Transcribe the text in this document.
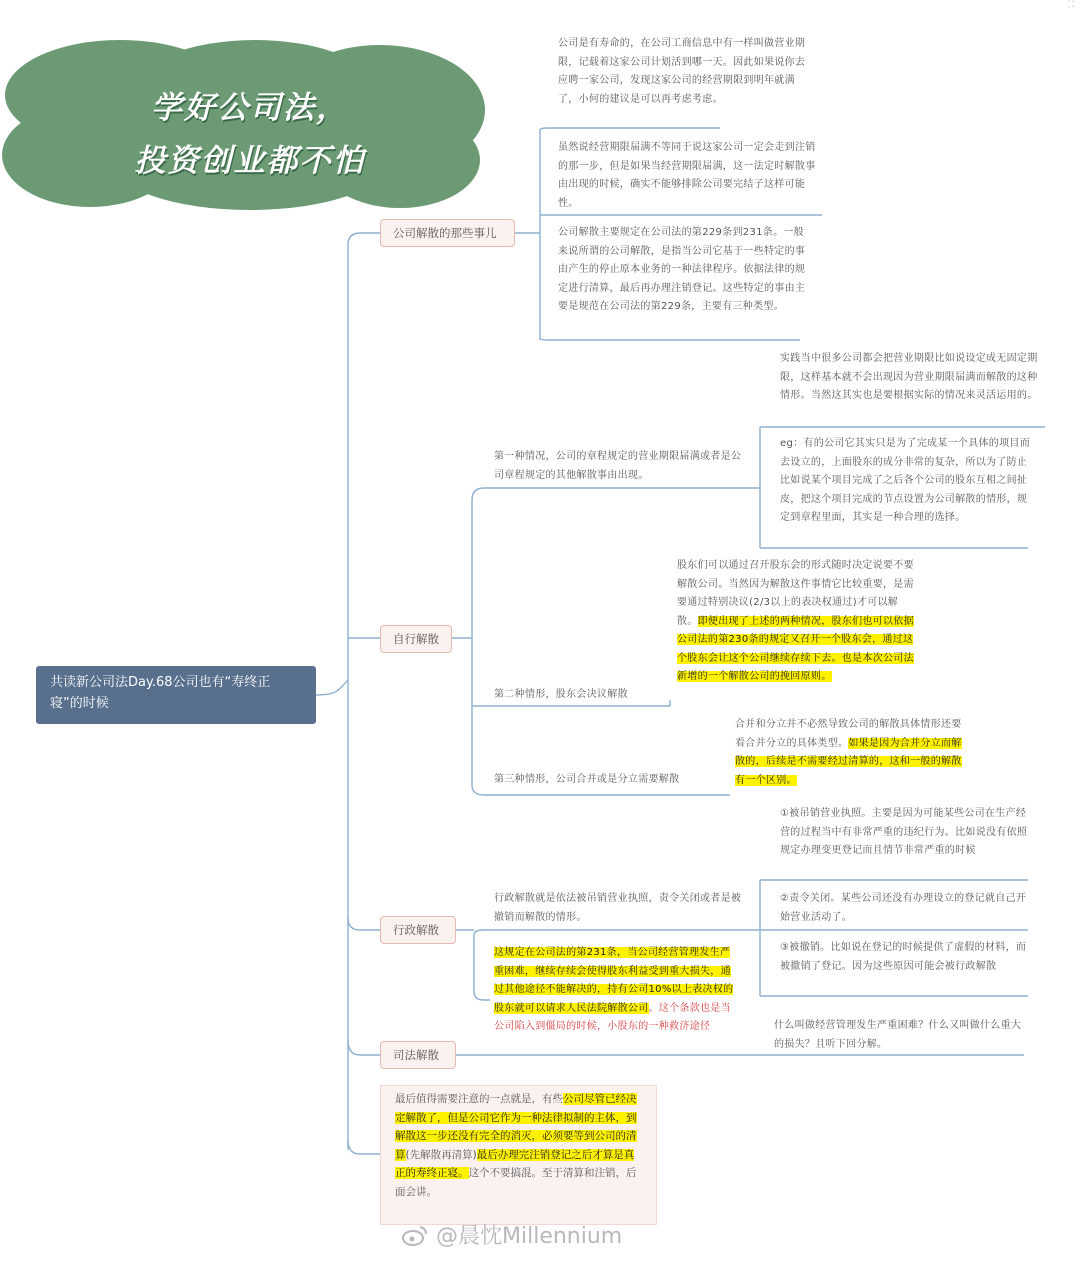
⛶
学好公司法，
投资创业都不怕
共读新公司法Day.68公司也有“寿终正寝”的时候
公司解散的那些事儿
自行解散
行政解散
司法解散
公司是有寿命的，在公司工商信息中有一样叫做营业期限，记载着这家公司计划活到哪一天。因此如果说你去应聘一家公司，发现这家公司的经营期限到明年就满了，小何的建议是可以再考虑考虑。
虽然说经营期限届满不等同于说这家公司一定会走到注销的那一步，但是如果当经营期限届满，这一法定时解散事由出现的时候，确实不能够排除公司要完结子这样可能性。
公司解散主要规定在公司法的第229条到231条。一般来说所谓的公司解散，是指当公司它基于一些特定的事由产生的停止原本业务的一种法律程序。依据法律的规定进行清算，最后再办理注销登记。这些特定的事由主要是规范在公司法的第229条，主要有三种类型。
第一种情况，公司的章程规定的营业期限届满或者是公司章程规定的其他解散事由出现。
实践当中很多公司都会把营业期限比如说设定成无固定期限，这样基本就不会出现因为营业期限届满而解散的这种情形。当然这其实也是要根据实际的情况来灵活运用的。
eg：有的公司它其实只是为了完成某一个具体的项目而去设立的，上面股东的成分非常的复杂，所以为了防止比如说某个项目完成了之后各个公司的股东互相之间扯皮，把这个项目完成的节点设置为公司解散的情形，规定到章程里面，其实是一种合理的选择。
第二种情形，股东会决议解散
股东们可以通过召开股东会的形式随时决定说要不要解散公司。当然因为解散这件事情它比较重要，是需要通过特别决议(2/3以上的表决权通过)才可以解散。即便出现了上述的两种情况，股东们也可以依据公司法的第230条的规定又召开一个股东会，通过这个股东会让这个公司继续存续下去。也是本次公司法新增的一个解散公司的挽回原则。
第三种情形，公司合并或是分立需要解散
合并和分立并不必然导致公司的解散具体情形还要看合并分立的具体类型。如果是因为合并分立而解散的，后续是不需要经过清算的，这和一般的解散有一个区别。
行政解散就是依法被吊销营业执照，责令关闭或者是被撤销而解散的情形。
①被吊销营业执照。主要是因为可能某些公司在生产经营的过程当中有非常严重的违纪行为。比如说没有依照规定办理变更登记而且情节非常严重的时候
②责令关闭。某些公司还没有办理设立的登记就自己开始营业活动了。
③被撤销。比如说在登记的时候提供了虚假的材料，而被撤销了登记。因为这些原因可能会被行政解散
这规定在公司法的第231条，当公司经营管理发生严重困难，继续存续会使得股东利益受到重大损失，通过其他途径不能解决的，持有公司10%以上表决权的股东就可以请求人民法院解散公司。这个条款也是当公司陷入到僵局的时候，小股东的一种救济途径	什么叫做经营管理发生严重困难？什么又叫做什么重大的损失？且听下回分解。
最后值得需要注意的一点就是，有些公司尽管已经决定解散了，但是公司它作为一种法律拟制的主体，到解散这一步还没有完全的消灭，必须要等到公司的清算(先解散再清算)最后办理完注销登记之后才算是真正的寿终正寝。这个不要搞混。至于清算和注销，后面会讲。
@晨忱Millennium
